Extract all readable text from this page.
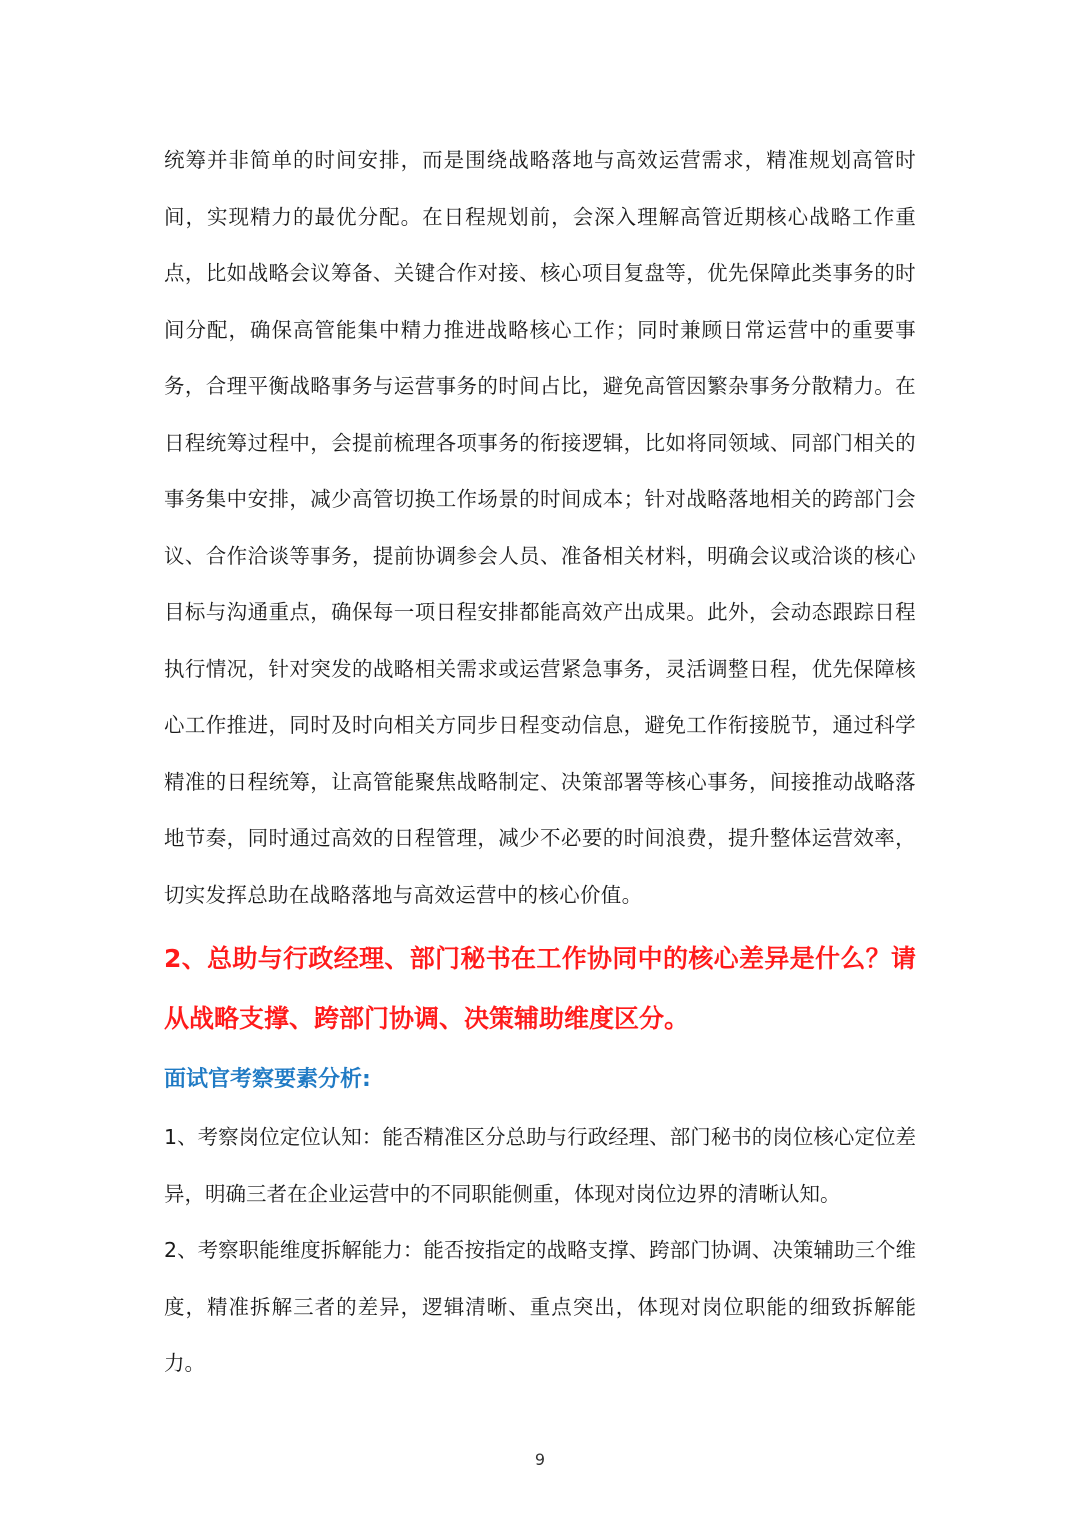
统筹并非简单的时间安排，而是围绕战略落地与高效运营需求，精准规划高管时间，实现精力的最优分配。在日程规划前，会深入理解高管近期核心战略工作重点，比如战略会议筹备、关键合作对接、核心项目复盘等，优先保障此类事务的时间分配，确保高管能集中精力推进战略核心工作；同时兼顾日常运营中的重要事务，合理平衡战略事务与运营事务的时间占比，避免高管因繁杂事务分散精力。在日程统筹过程中，会提前梳理各项事务的衔接逻辑，比如将同领域、同部门相关的事务集中安排，减少高管切换工作场景的时间成本；针对战略落地相关的跨部门会议、合作洽谈等事务，提前协调参会人员、准备相关材料，明确会议或洽谈的核心目标与沟通重点，确保每一项日程安排都能高效产出成果。此外，会动态跟踪日程执行情况，针对突发的战略相关需求或运营紧急事务，灵活调整日程，优先保障核心工作推进，同时及时向相关方同步日程变动信息，避免工作衔接脱节，通过科学精准的日程统筹，让高管能聚焦战略制定、决策部署等核心事务，间接推动战略落地节奏，同时通过高效的日程管理，减少不必要的时间浪费，提升整体运营效率，切实发挥总助在战略落地与高效运营中的核心价值。

2、总助与行政经理、部门秘书在工作协同中的核心差异是什么？请从战略支撑、跨部门协调、决策辅助维度区分。

面试官考察要素分析:

1、考察岗位定位认知：能否精准区分总助与行政经理、部门秘书的岗位核心定位差异，明确三者在企业运营中的不同职能侧重，体现对岗位边界的清晰认知。

2、考察职能维度拆解能力：能否按指定的战略支撑、跨部门协调、决策辅助三个维度，精准拆解三者的差异，逻辑清晰、重点突出，体现对岗位职能的细致拆解能力。

9
